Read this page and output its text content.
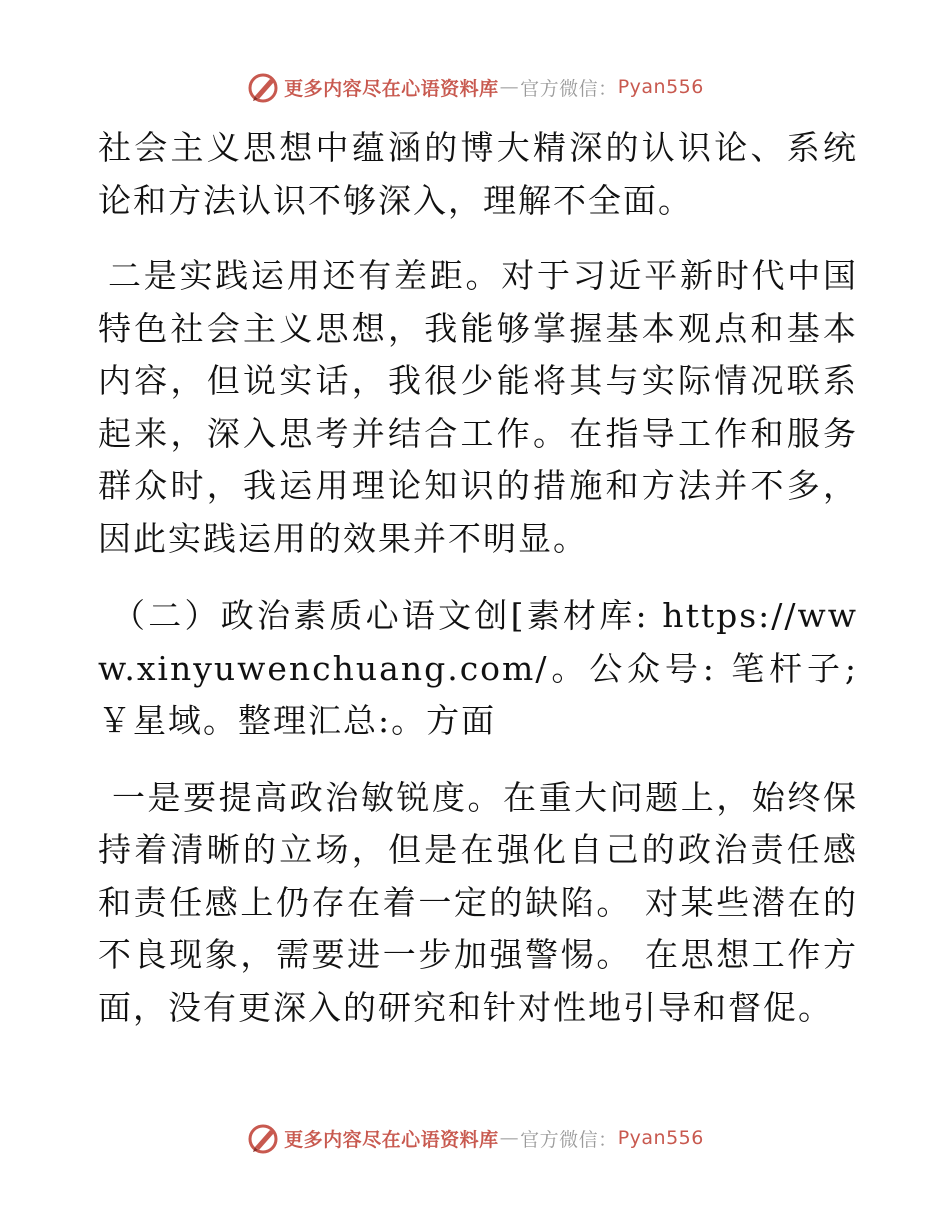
更多内容尽在心语资料库 — 官方微信： Pyan556

社会主义思想中蕴涵的博大精深的认识论、系统论和方法认识不够深入，理解不全面。

二是实践运用还有差距。对于习近平新时代中国特色社会主义思想，我能够掌握基本观点和基本内容，但说实话，我很少能将其与实际情况联系起来，深入思考并结合工作。在指导工作和服务群众时，我运用理论知识的措施和方法并不多，因此实践运用的效果并不明显。

（二）政治素质心语文创[素材库: https://www.xinyuwenchuang.com/。公众号: 笔杆子;￥星域。整理汇总:。方面

一是要提高政治敏锐度。在重大问题上，始终保持着清晰的立场，但是在强化自己的政治责任感和责任感上仍存在着一定的缺陷。 对某些潜在的不良现象，需要进一步加强警惕。 在思想工作方面，没有更深入的研究和针对性地引导和督促。

更多内容尽在心语资料库 — 官方微信： Pyan556
